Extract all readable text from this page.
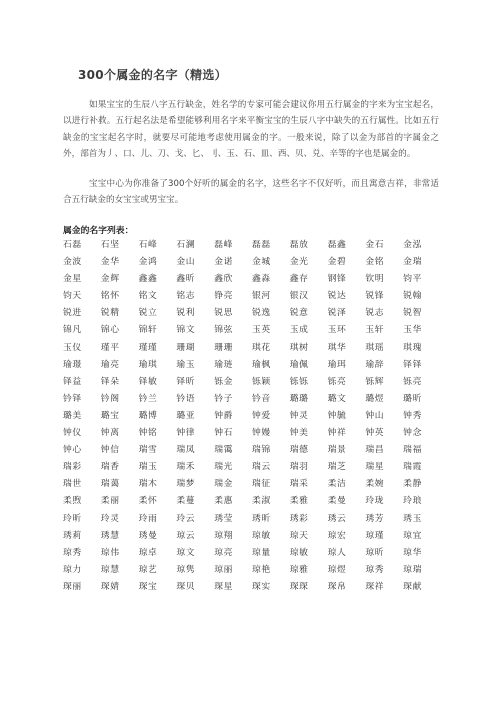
300个属金的名字（精选）

如果宝宝的生辰八字五行缺金，姓名学的专家可能会建议你用五行属金的字来为宝宝起名，以进行补救。五行起名法是希望能够利用名字来平衡宝宝的生辰八字中缺失的五行属性。比如五行缺金的宝宝起名字时，就要尽可能地考虑使用属金的字。一般来说，除了以金为部首的字属金之外，部首为丿、口、儿、刀、戈、匕、刂、玉、石、皿、西、贝、兑、辛等的字也是属金的。

宝宝中心为你准备了300个好听的属金的名字，这些名字不仅好听，而且寓意吉祥，非常适合五行缺金的女宝宝或男宝宝。

属金的名字列表：
石磊	石坚	石峰	石澜	磊峰	磊磊	磊放	磊鑫	金石	金泓
金波	金华	金鸿	金山	金诺	金城	金光	金碧	金铭	金瑞
金星	金辉	鑫鑫	鑫昕	鑫欣	鑫淼	鑫存	钢锋	钦明	钧平
钧天	铭怀	铭文	铭志	铮亮	银河	银汉	锐达	锐锋	锐翰
锐进	锐精	锐立	锐利	锐思	锐逸	锐意	锐泽	锐志	锐智
锦凡	锦心	锦轩	锦文	锦弦	玉英	玉成	玉环	玉轩	玉华
玉仪	瑾平	瑾瑾	珊瑚	珊珊	琪花	琪树	琪华	琪瑶	琪瑰
瑜璟	瑜亮	瑜琪	瑜玉	瑜琏	瑜枫	瑜佩	瑜珥	瑜辞	铎铎
铎益	铎朵	铎敏	铎昕	铄金	铄颖	铄铄	铄亮	铄辉	铄亮
钤铎	钤阁	钤兰	钤语	钤子	钤音	璐璐	璐文	璐煜	璐昕
璐美	璐宝	璐博	璐亚	钟爵	钟爱	钟灵	钟毓	钟山	钟秀
钟仪	钟离	钟铭	钟律	钟石	钟嫚	钟美	钟祥	钟英	钟念
钟心	钟信	瑞雪	瑞凤	瑞霭	瑞锦	瑞德	瑞景	瑞昌	瑞福
瑞彩	瑞香	瑞玉	瑞禾	瑞光	瑞云	瑞羽	瑞芝	瑞星	瑞霞
瑞世	瑞蔼	瑞木	瑞梦	瑞金	瑞征	瑞采	柔洁	柔婉	柔静
柔煦	柔丽	柔怀	柔蔓	柔惠	柔淑	柔雅	柔曼	玲珑	玲琅
玲昕	玲灵	玲雨	玲云	琇莹	琇昕	琇彩	琇云	琇芳	琇玉
琇莉	琇慧	琇曼	琼云	琼翔	琼敏	琼天	琼宏	琼瑾	琼宜
琼秀	琼伟	琼卓	琼文	琼亮	琼量	琼敏	琼人	琼昕	琼华
琼力	琼慧	琼艺	琼隽	琼丽	琼艳	琼雅	琼煜	琼秀	琼瑞
琛丽	琛婧	琛宝	琛贝	琛星	琛实	琛琛	琛帛	琛祥	琛献
